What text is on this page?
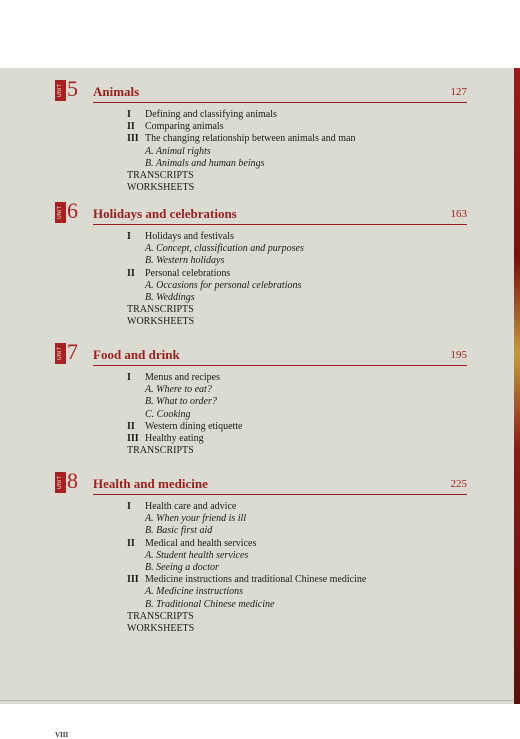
UNIT 5 Animals	127
I	Defining and classifying animals
II	Comparing animals
III The changing relationship between animals and man
A. Animal rights
B. Animals and human beings
TRANSCRIPTS
WORKSHEETS
UNIT 6 Holidays and celebrations	163
I	Holidays and festivals
A. Concept, classification and purposes
B. Western holidays
II	Personal celebrations
A. Occasions for personal celebrations
B. Weddings
TRANSCRIPTS
WORKSHEETS
UNIT 7 Food and drink	195
I	Menus and recipes
A. Where to eat?
B. What to order?
C. Cooking
II	Western dining etiquette
III Healthy eating
TRANSCRIPTS
UNIT 8 Health and medicine	225
I	Health care and advice
A. When your friend is ill
B. Basic first aid
II	Medical and health services
A. Student health services
B. Seeing a doctor
III Medicine instructions and traditional Chinese medicine
A. Medicine instructions
B. Traditional Chinese medicine
TRANSCRIPTS
WORKSHEETS
VIII
